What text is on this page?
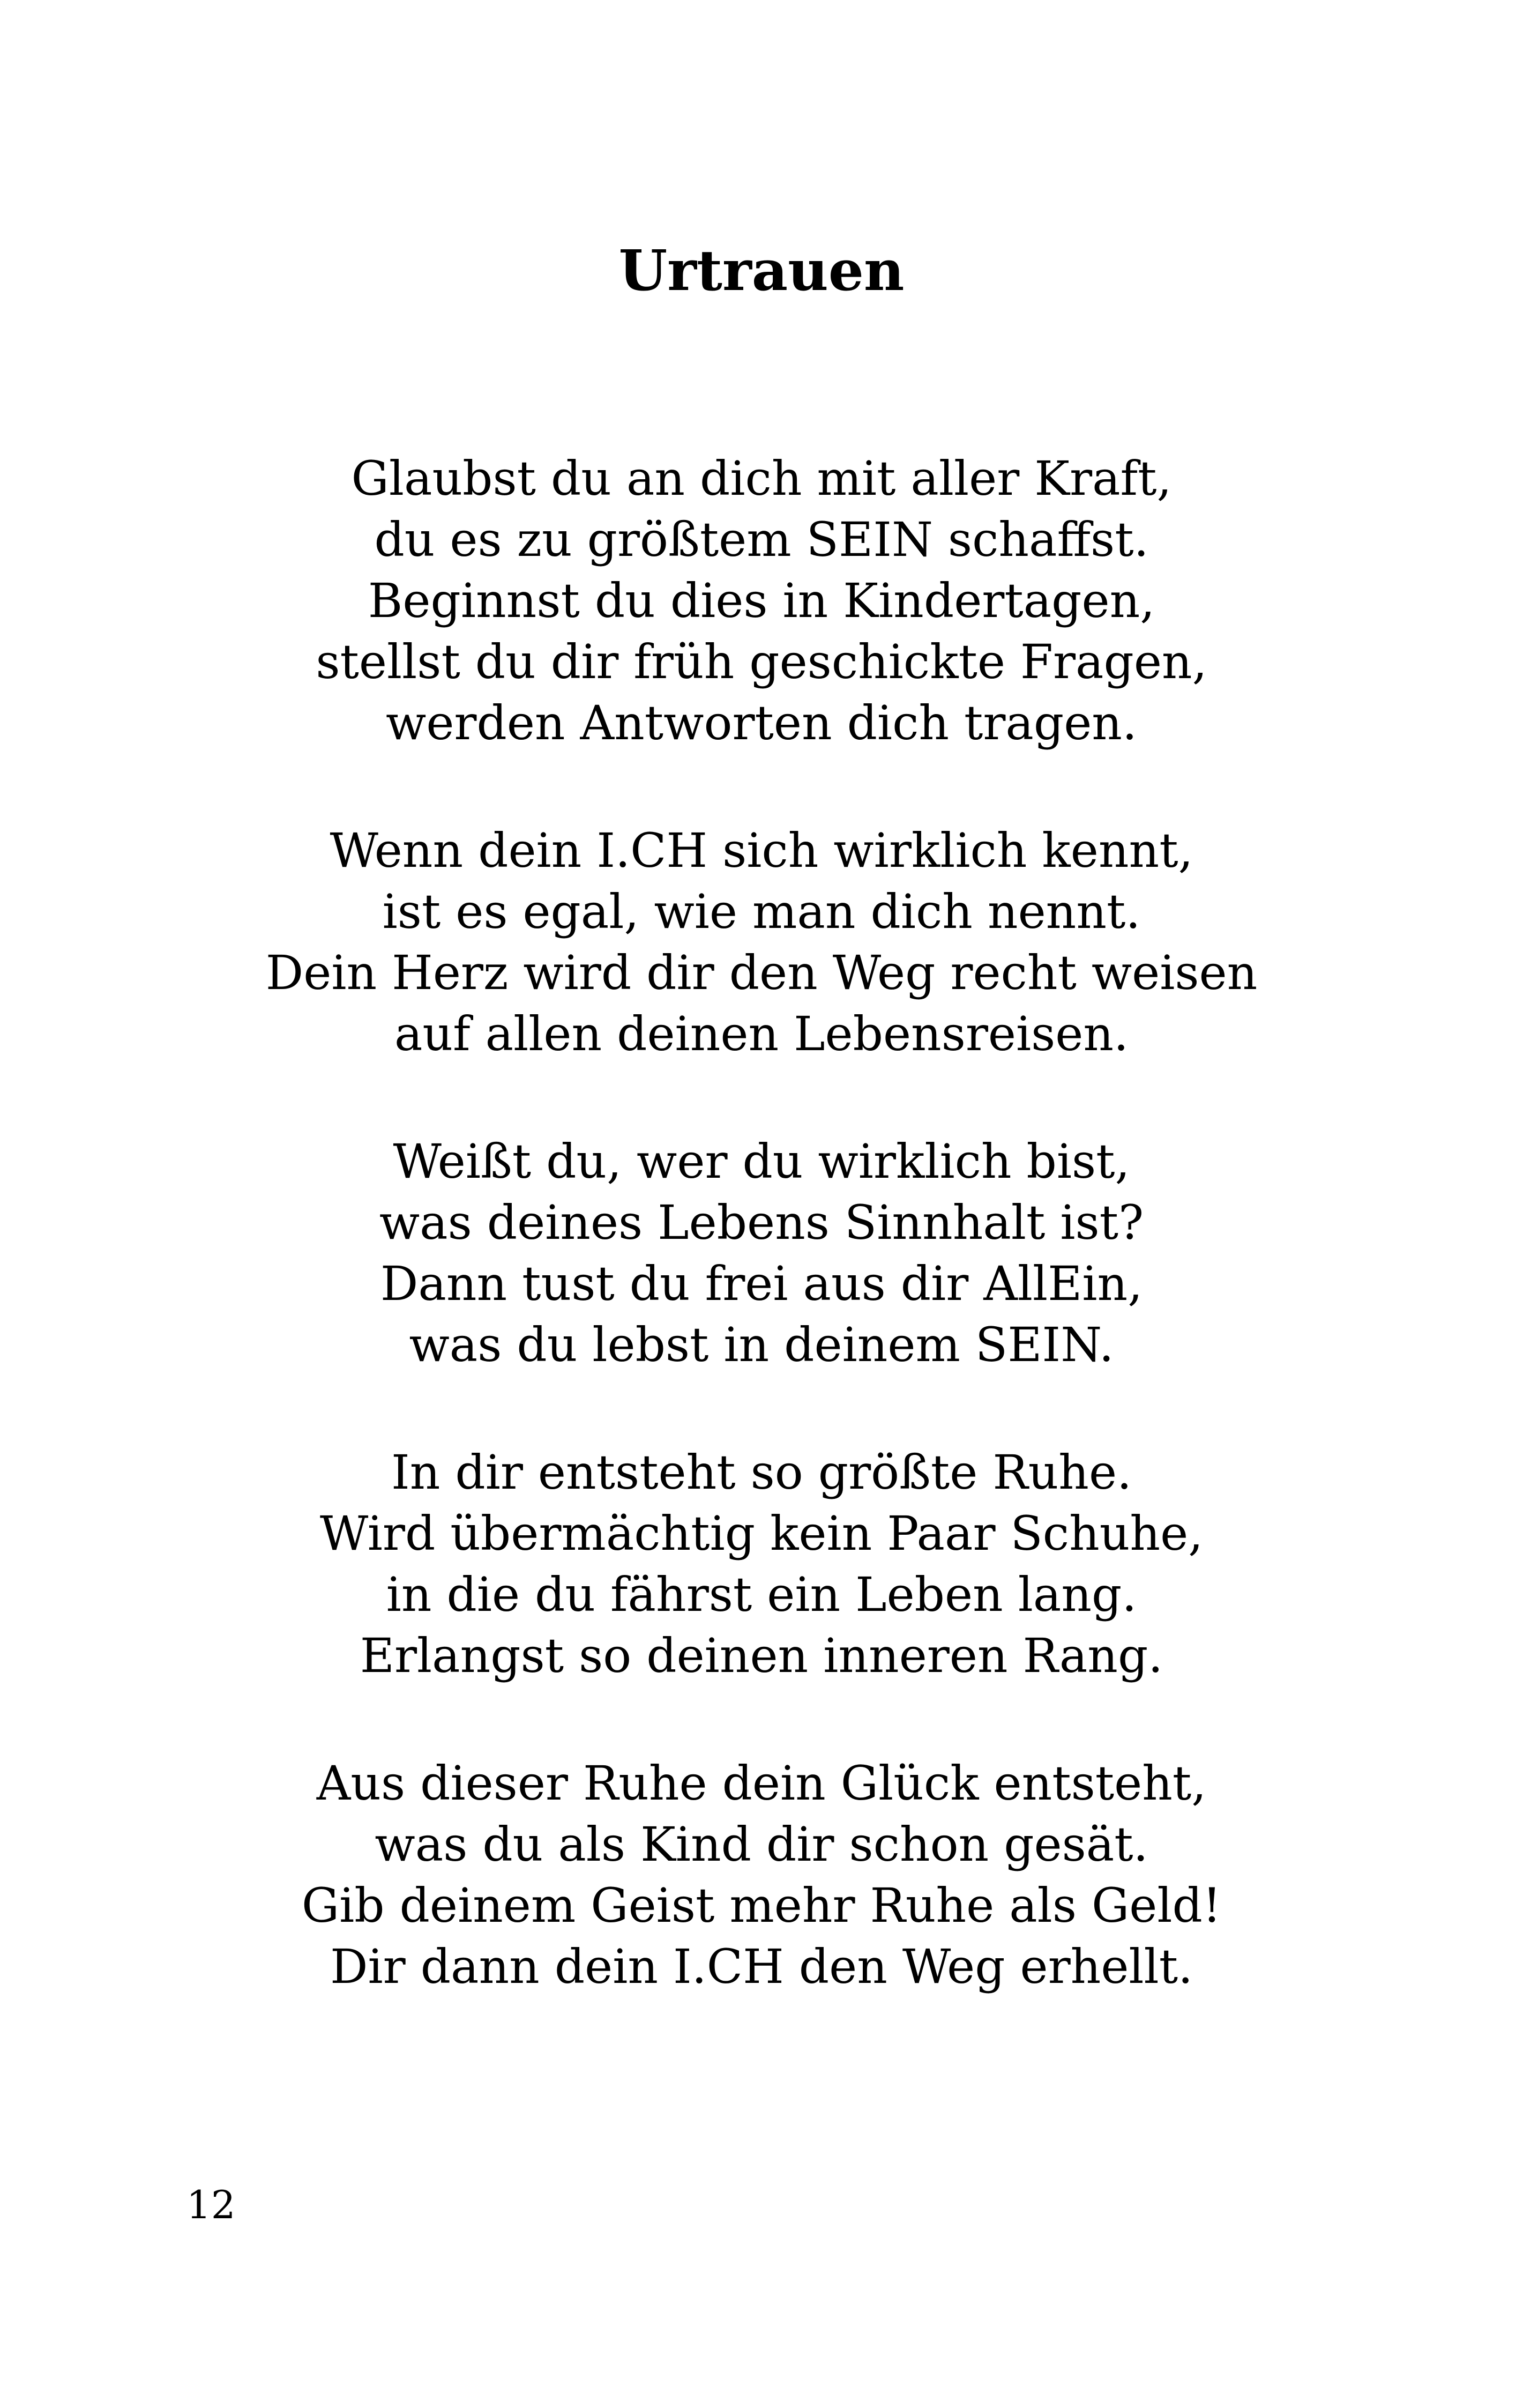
Urtrauen
Glaubst du an dich mit aller Kraft,
du es zu größtem SEIN schaffst.
Beginnst du dies in Kindertagen,
stellst du dir früh geschickte Fragen,
werden Antworten dich tragen.
Wenn dein I.CH sich wirklich kennt,
ist es egal, wie man dich nennt.
Dein Herz wird dir den Weg recht weisen
auf allen deinen Lebensreisen.
Weißt du, wer du wirklich bist,
was deines Lebens Sinnhalt ist?
Dann tust du frei aus dir AllEin,
was du lebst in deinem SEIN.
In dir entsteht so größte Ruhe.
Wird übermächtig kein Paar Schuhe,
in die du fährst ein Leben lang.
Erlangst so deinen inneren Rang.
Aus dieser Ruhe dein Glück entsteht,
was du als Kind dir schon gesät.
Gib deinem Geist mehr Ruhe als Geld!
Dir dann dein I.CH den Weg erhellt.
12
